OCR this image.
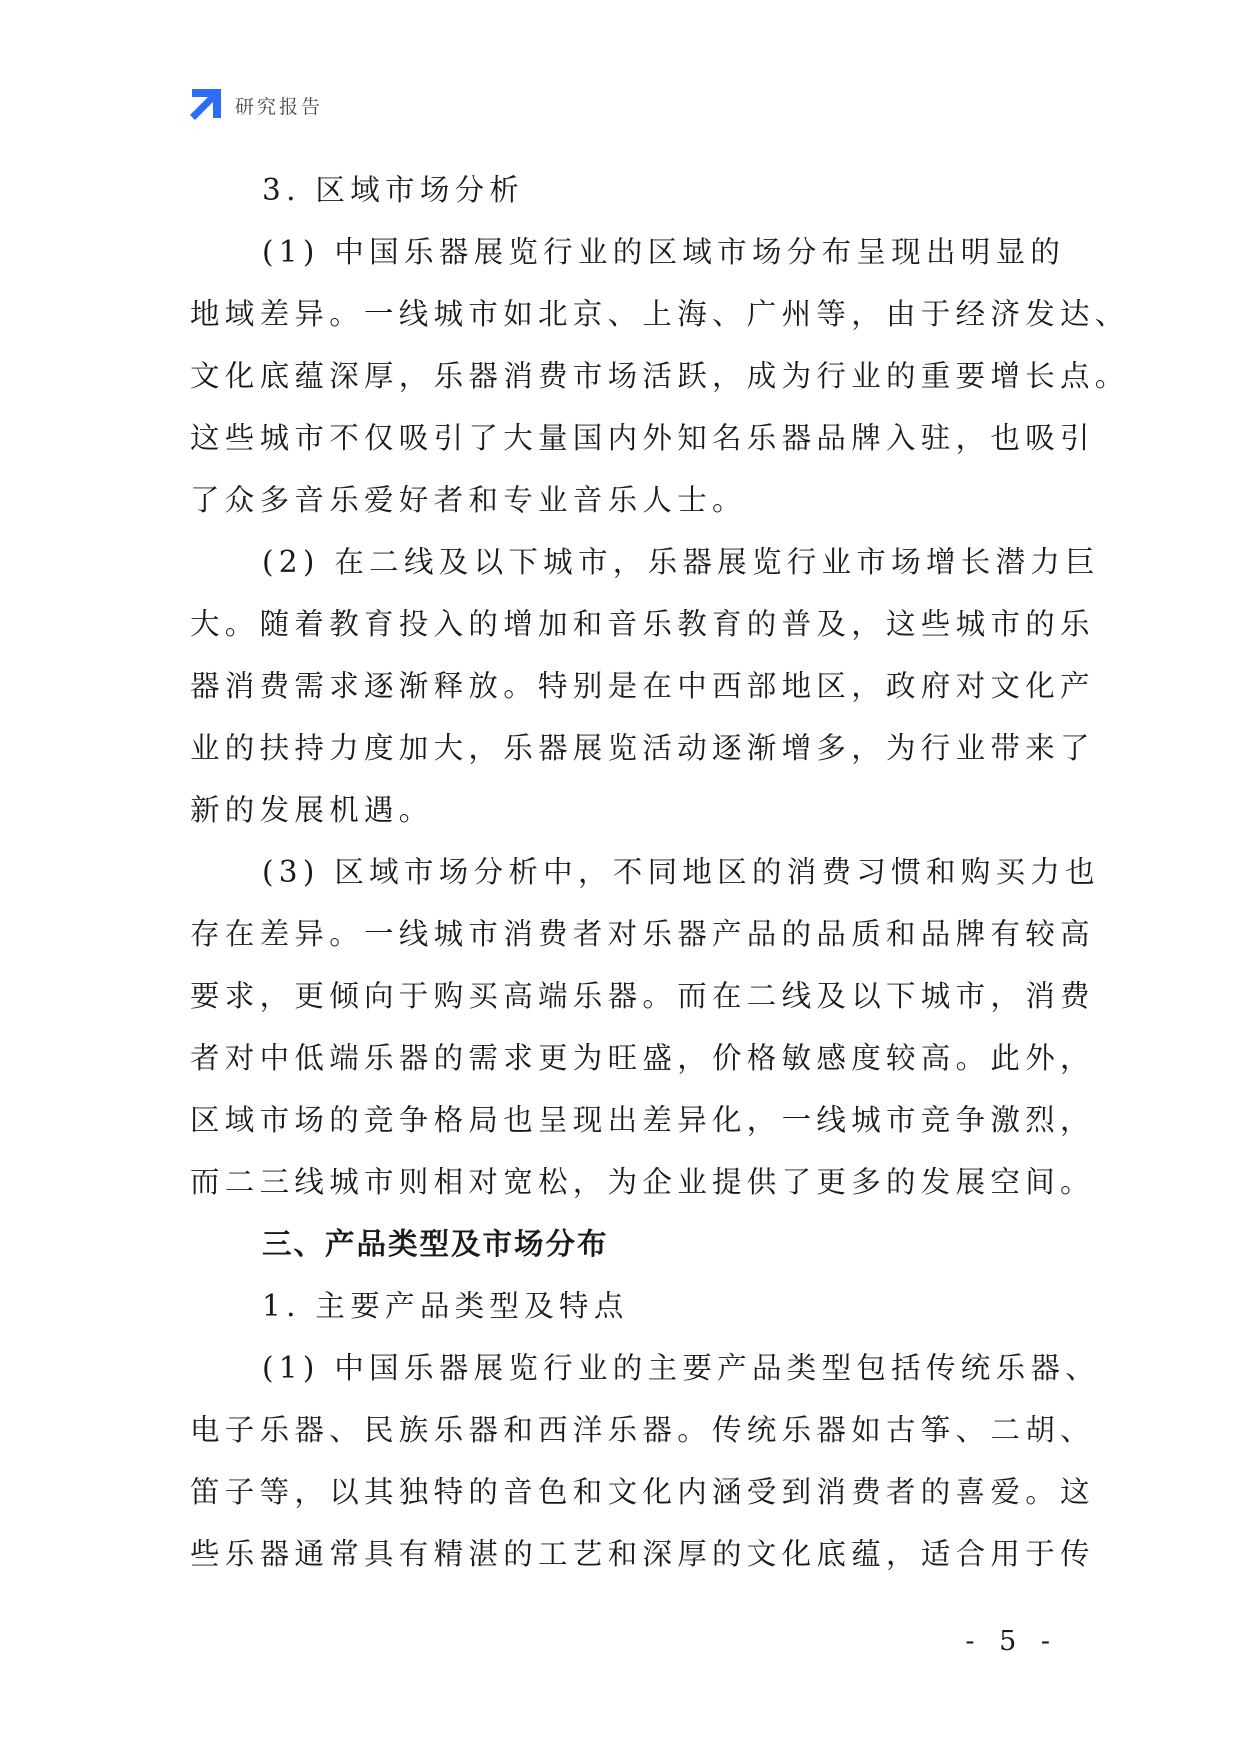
研究报告
3. 区域市场分析
(1) 中国乐器展览行业的区域市场分布呈现出明显的
地域差异。一线城市如北京、上海、广州等，由于经济发达、
文化底蕴深厚，乐器消费市场活跃，成为行业的重要增长点。
这些城市不仅吸引了大量国内外知名乐器品牌入驻，也吸引
了众多音乐爱好者和专业音乐人士。
(2) 在二线及以下城市，乐器展览行业市场增长潜力巨
大。随着教育投入的增加和音乐教育的普及，这些城市的乐
器消费需求逐渐释放。特别是在中西部地区，政府对文化产
业的扶持力度加大，乐器展览活动逐渐增多，为行业带来了
新的发展机遇。
(3) 区域市场分析中，不同地区的消费习惯和购买力也
存在差异。一线城市消费者对乐器产品的品质和品牌有较高
要求，更倾向于购买高端乐器。而在二线及以下城市，消费
者对中低端乐器的需求更为旺盛，价格敏感度较高。此外，
区域市场的竞争格局也呈现出差异化，一线城市竞争激烈，
而二三线城市则相对宽松，为企业提供了更多的发展空间。
三、产品类型及市场分布
1. 主要产品类型及特点
(1) 中国乐器展览行业的主要产品类型包括传统乐器、
电子乐器、民族乐器和西洋乐器。传统乐器如古筝、二胡、
笛子等，以其独特的音色和文化内涵受到消费者的喜爱。这
些乐器通常具有精湛的工艺和深厚的文化底蕴，适合用于传
- 5 -
